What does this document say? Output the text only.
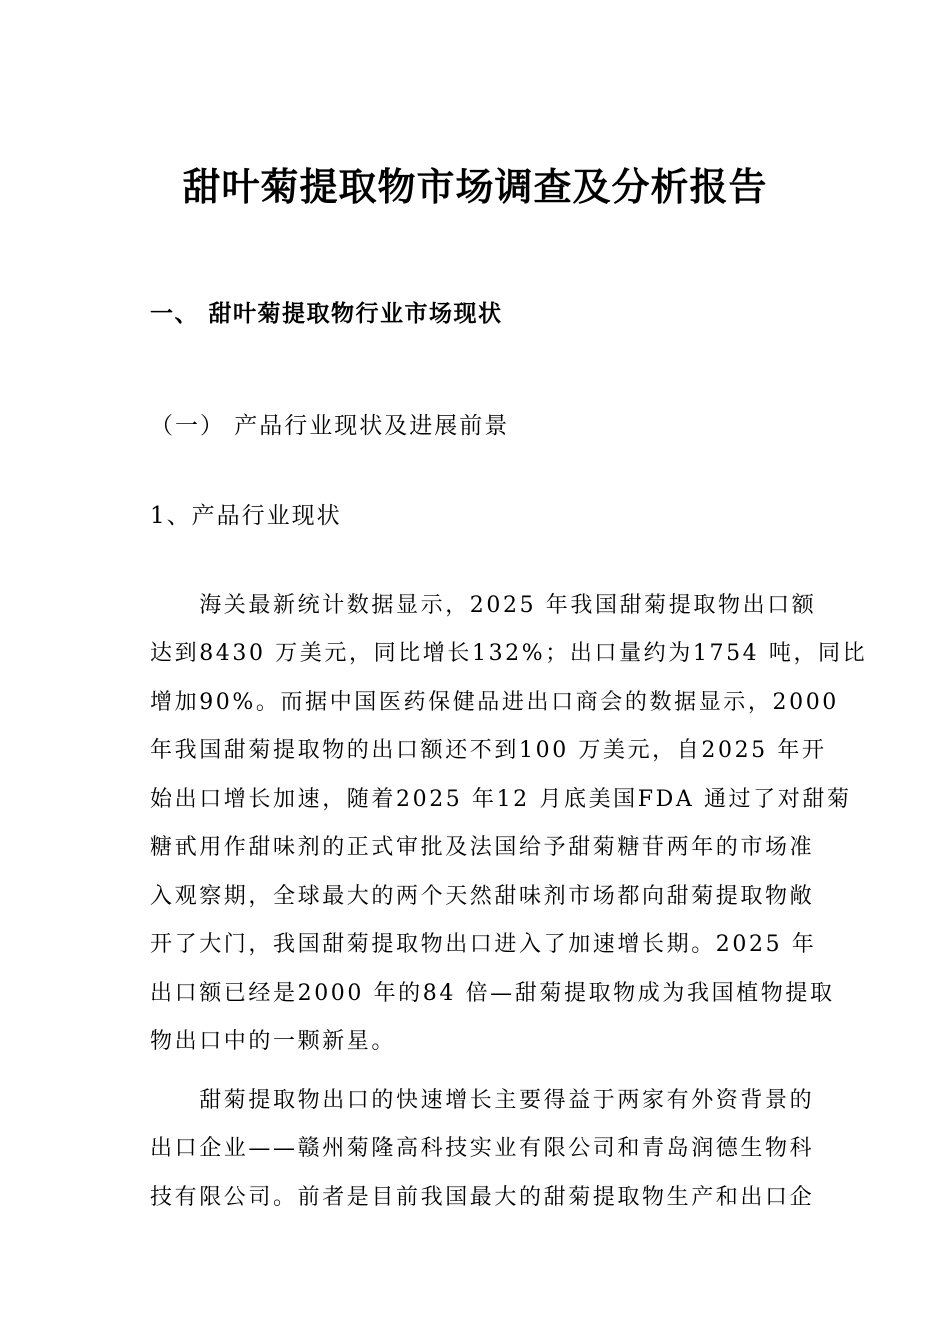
甜叶菊提取物市场调查及分析报告
一、 甜叶菊提取物行业市场现状
（一） 产品行业现状及进展前景
1、产品行业现状
　　海关最新统计数据显示，2025 年我国甜菊提取物出口额
达到8430 万美元，同比增长132%；出口量约为1754 吨，同比
增加90%。而据中国医药保健品进出口商会的数据显示，2000
年我国甜菊提取物的出口额还不到100 万美元，自2025 年开
始出口增长加速，随着2025 年12 月底美国FDA 通过了对甜菊
糖甙用作甜味剂的正式审批及法国给予甜菊糖苷两年的市场准
入观察期，全球最大的两个天然甜味剂市场都向甜菊提取物敞
开了大门，我国甜菊提取物出口进入了加速增长期。2025 年
出口额已经是2000 年的84 倍—甜菊提取物成为我国植物提取
物出口中的一颗新星。
　　甜菊提取物出口的快速增长主要得益于两家有外资背景的
出口企业——赣州菊隆高科技实业有限公司和青岛润德生物科
技有限公司。前者是目前我国最大的甜菊提取物生产和出口企
